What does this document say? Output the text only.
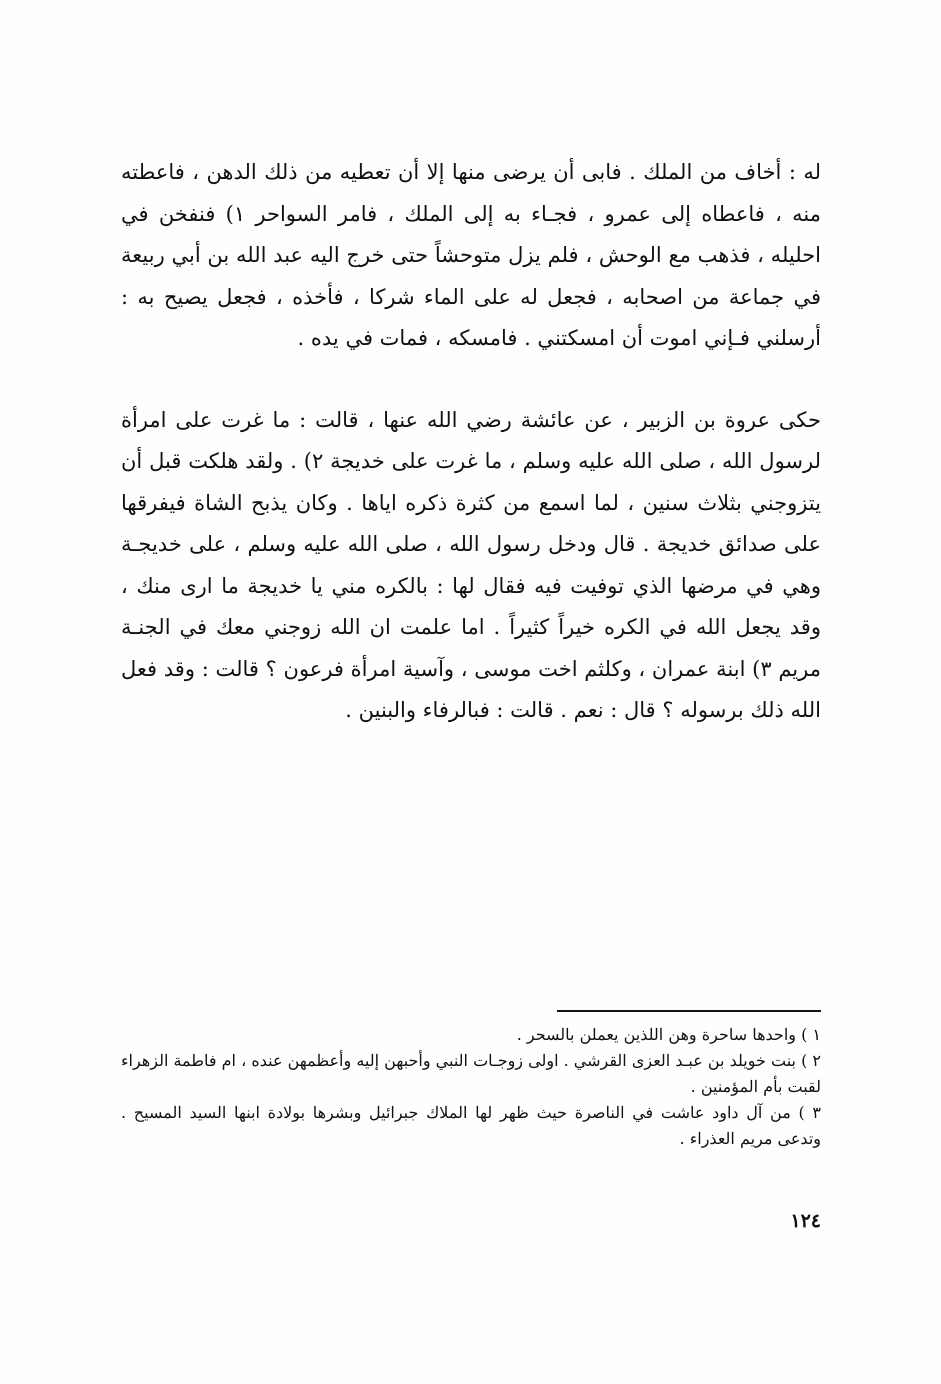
له : أخاف من الملك . فابى أن يرضى منها إلا أن تعطيه من ذلك الدهن ، فاعطته منه ، فاعطاه إلى عمرو ، فجـاء به إلى الملك ، فامر السواحر ١) فنفخن في احليله ، فذهب مع الوحش ، فلم يزل متوحشاً حتى خرج اليه عبد الله بن أبي ربيعة في جماعة من اصحابه ، فجعل له على الماء شركا ، فأخذه ، فجعل يصيح به : أرسلني فـإني اموت أن امسكتني . فامسكه ، فمات في يده .

حكى عروة بن الزبير ، عن عائشة رضي الله عنها ، قالت : ما غرت على امرأة لرسول الله ، صلى الله عليه وسلم ، ما غرت على خديجة ٢) . ولقد هلكت قبل أن يتزوجني بثلاث سنين ، لما اسمع من كثرة ذكره اياها . وكان يذبح الشاة فيفرقها على صدائق خديجة . قال ودخل رسول الله ، صلى الله عليه وسلم ، على خديجـة وهي في مرضها الذي توفيت فيه فقال لها : بالكره مني يا خديجة ما ارى منك ، وقد يجعل الله في الكره خيراً كثيراً . اما علمت ان الله زوجني معك في الجنـة مريم ٣) ابنة عمران ، وكلثم اخت موسى ، وآسية امرأة فرعون ؟ قالت : وقد فعل الله ذلك برسوله ؟ قال : نعم . قالت : فبالرفاء والبنين .

١ ) واحدها ساحرة وهن اللذين يعملن بالسحر .

٢ ) بنت خويلد بن عبـد العزى القرشي . اولى زوجـات النبي وأحبهن إليه وأعظمهن عنده ، ام فاطمة الزهراء لقبت بأم المؤمنين .

٣ ) من آل داود عاشت في الناصرة حيث ظهر لها الملاك جبرائيل وبشرها بولادة ابنها السيد المسيح . وتدعى مريم العذراء .

١٢٤
